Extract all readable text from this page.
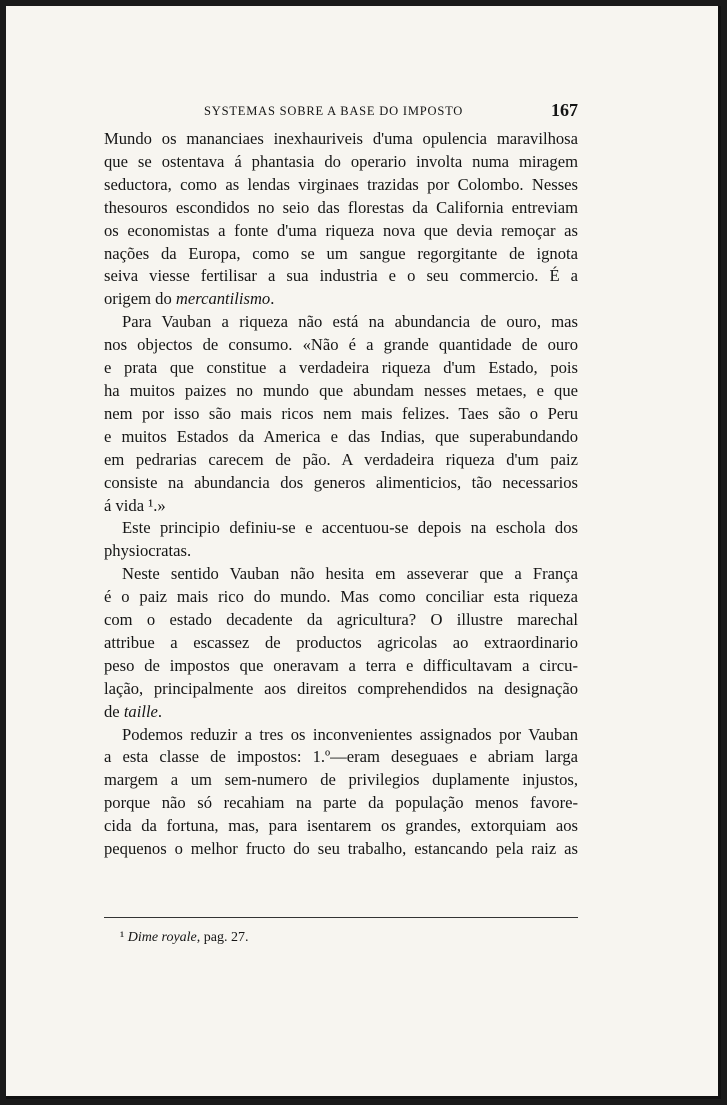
SYSTEMAS SOBRE A BASE DO IMPOSTO	167
Mundo os mananciaes inexhauriveis d'uma opulencia maravilhosa
que se ostentava á phantasia do operario involta numa miragem
seductora, como as lendas virginaes trazidas por Colombo. Nesses
thesouros escondidos no seio das florestas da California entreviam
os economistas a fonte d'uma riqueza nova que devia remoçar as
nações da Europa, como se um sangue regorgitante de ignota
seiva viesse fertilisar a sua industria e o seu commercio. É a
origem do mercantilismo.
Para Vauban a riqueza não está na abundancia de ouro, mas
nos objectos de consumo. «Não é a grande quantidade de ouro
e prata que constitue a verdadeira riqueza d'um Estado, pois
ha muitos paizes no mundo que abundam nesses metaes, e que
nem por isso são mais ricos nem mais felizes. Taes são o Peru
e muitos Estados da America e das Indias, que superabundando
em pedrarias carecem de pão. A verdadeira riqueza d'um paiz
consiste na abundancia dos generos alimenticios, tão necessarios
á vida ¹.»
Este principio definiu-se e accentuou-se depois na eschola dos
physiocratas.
Neste sentido Vauban não hesita em asseverar que a França
é o paiz mais rico do mundo. Mas como conciliar esta riqueza
com o estado decadente da agricultura? O illustre marechal
attribue a escassez de productos agricolas ao extraordinario
peso de impostos que oneravam a terra e difficultavam a circu-
lação, principalmente aos direitos comprehendidos na designação
de taille.
Podemos reduzir a tres os inconvenientes assignados por Vauban
a esta classe de impostos: 1.º—eram deseguaes e abriam larga
margem a um sem-numero de privilegios duplamente injustos,
porque não só recahiam na parte da população menos favore-
cida da fortuna, mas, para isentarem os grandes, extorquiam aos
pequenos o melhor fructo do seu trabalho, estancando pela raiz as
¹ Dime royale, pag. 27.
